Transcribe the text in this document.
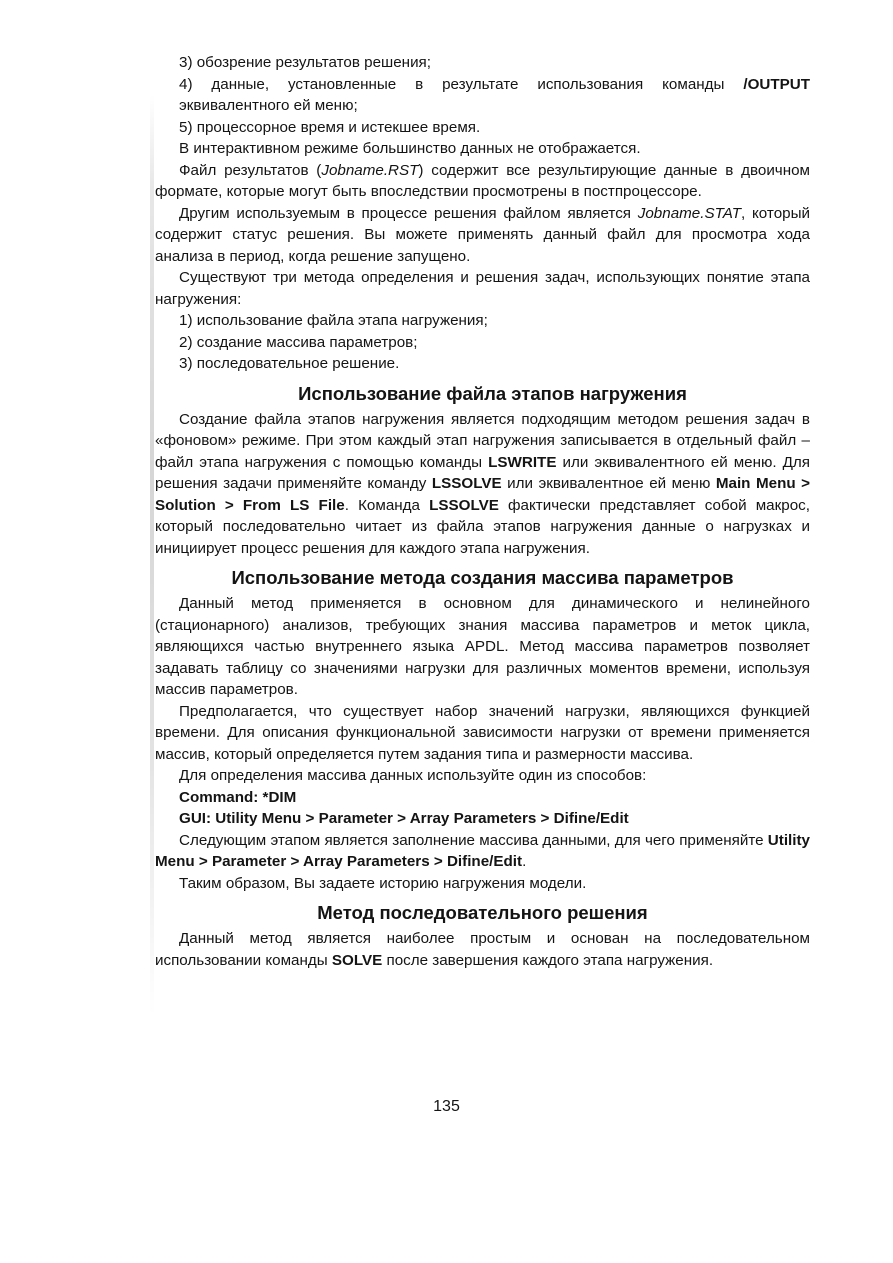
3) обозрение результатов решения;

4) данные, установленные в результате использования команды /OUTPUT эквивалентного ей меню;

5) процессорное время и истекшее время.

В интерактивном режиме большинство данных не отображается.

Файл результатов (Jobname.RST) содержит все результирующие данные в двоичном формате, которые могут быть впоследствии просмотрены в постпроцессоре.

Другим используемым в процессе решения файлом является Jobname.STAT, который содержит статус решения. Вы можете применять данный файл для просмотра хода анализа в период, когда решение запущено.

Существуют три метода определения и решения задач, использующих понятие этапа нагружения:

1) использование файла этапа нагружения;

2) создание массива параметров;

3) последовательное решение.

Использование файла этапов нагружения

Создание файла этапов нагружения является подходящим методом решения задач в «фоновом» режиме. При этом каждый этап нагружения записывается в отдельный файл – файл этапа нагружения с помощью команды LSWRITE или эквивалентного ей меню. Для решения задачи применяйте команду LSSOLVE или эквивалентное ей меню Main Menu > Solution > From LS File. Команда LSSOLVE фактически представляет собой макрос, который последовательно читает из файла этапов нагружения данные о нагрузках и инициирует процесс решения для каждого этапа нагружения.

Использование метода создания массива параметров

Данный метод применяется в основном для динамического и нелинейного (стационарного) анализов, требующих знания массива параметров и меток цикла, являющихся частью внутреннего языка APDL. Метод массива параметров позволяет задавать таблицу со значениями нагрузки для различных моментов времени, используя массив параметров.

Предполагается, что существует набор значений нагрузки, являющихся функцией времени. Для описания функциональной зависимости нагрузки от времени применяется массив, который определяется путем задания типа и размерности массива.

Для определения массива данных используйте один из способов:

Command: *DIM

GUI: Utility Menu > Parameter > Array Parameters > Difine/Edit

Следующим этапом является заполнение массива данными, для чего применяйте Utility Menu > Parameter > Array Parameters > Difine/Edit.

Таким образом, Вы задаете историю нагружения модели.

Метод последовательного решения

Данный метод является наиболее простым и основан на последовательном использовании команды SOLVE после завершения каждого этапа нагружения.

135
